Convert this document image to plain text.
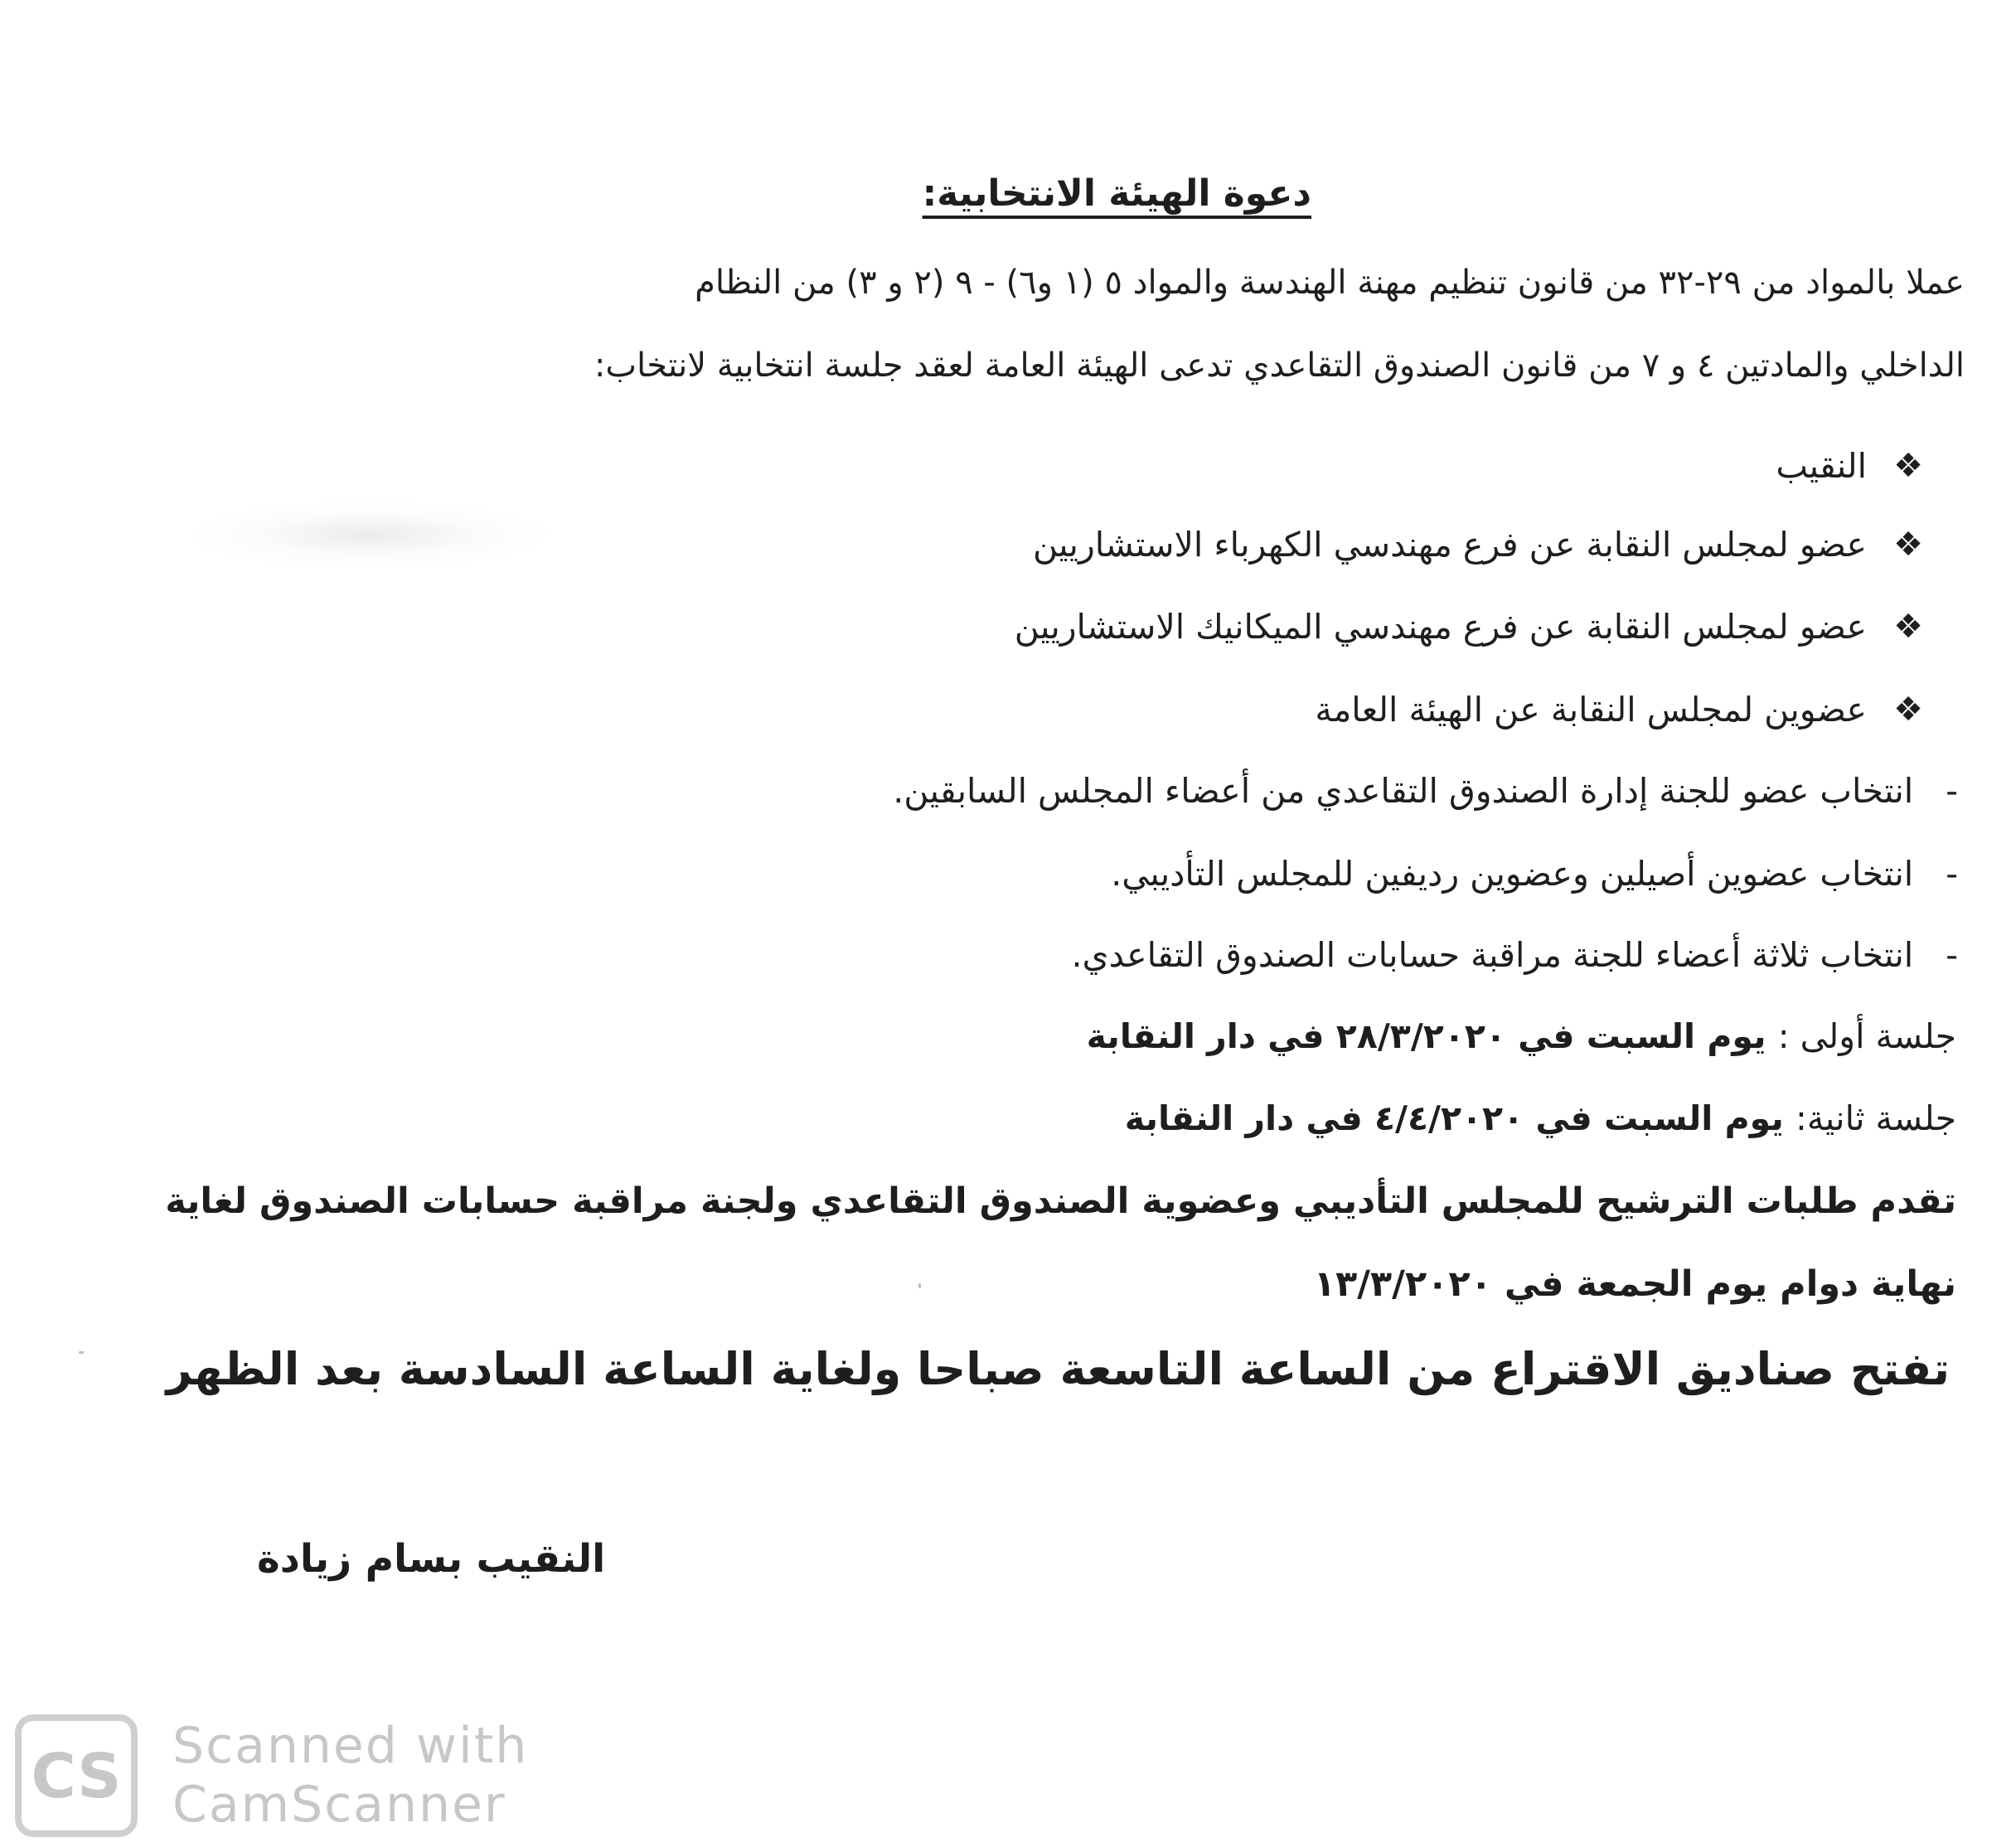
دعوة الهيئة الانتخابية:
عملا بالمواد من ٢٩-٣٢ من قانون تنظيم مهنة الهندسة والمواد ٥ (١ و٦) - ٩ (٢ و ٣) من النظام
الداخلي والمادتين ٤ و ٧ من قانون الصندوق التقاعدي تدعى الهيئة العامة لعقد جلسة انتخابية لانتخاب:
❖
النقيب
❖
عضو لمجلس النقابة عن فرع مهندسي الكهرباء الاستشاريين
❖
عضو لمجلس النقابة عن فرع مهندسي الميكانيك الاستشاريين
❖
عضوين لمجلس النقابة عن الهيئة العامة
- انتخاب عضو للجنة إدارة الصندوق التقاعدي من أعضاء المجلس السابقين.
- انتخاب عضوين أصيلين وعضوين رديفين للمجلس التأديبي.
- انتخاب ثلاثة أعضاء للجنة مراقبة حسابات الصندوق التقاعدي.
جلسة أولى : يوم السبت في ٢٨/٣/٢٠٢٠ في دار النقابة
جلسة ثانية: يوم السبت في ٤/٤/٢٠٢٠ في دار النقابة
تقدم طلبات الترشيح للمجلس التأديبي وعضوية الصندوق التقاعدي ولجنة مراقبة حسابات الصندوق لغاية
نهاية دوام يوم الجمعة في ١٣/٣/٢٠٢٠
تفتح صناديق الاقتراع من الساعة التاسعة صباحا ولغاية الساعة السادسة بعد الظهر
النقيب بسام زيادة
CS Scanned with
CamScanner
